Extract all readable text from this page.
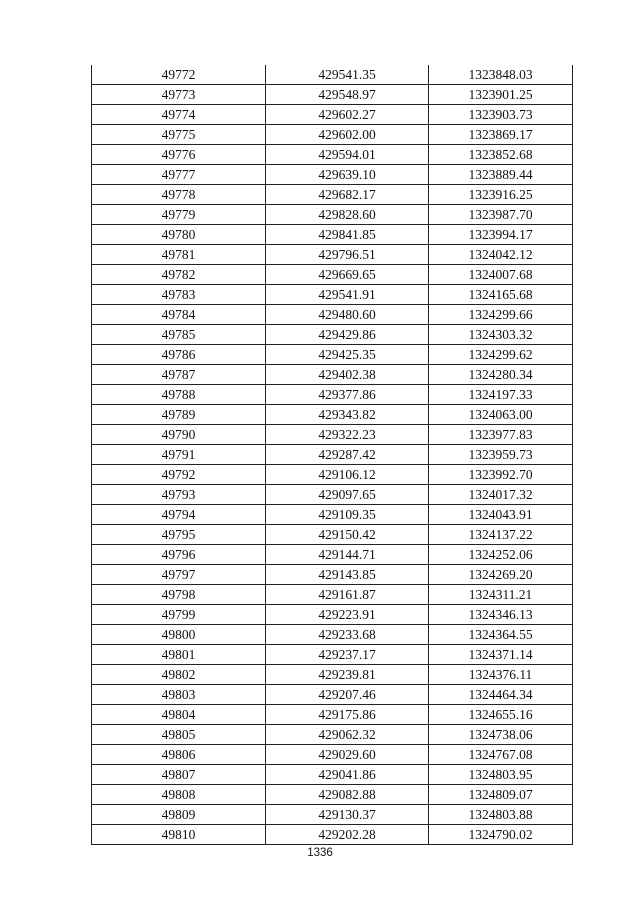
49772	429541.35	1323848.03
49773	429548.97	1323901.25
49774	429602.27	1323903.73
49775	429602.00	1323869.17
49776	429594.01	1323852.68
49777	429639.10	1323889.44
49778	429682.17	1323916.25
49779	429828.60	1323987.70
49780	429841.85	1323994.17
49781	429796.51	1324042.12
49782	429669.65	1324007.68
49783	429541.91	1324165.68
49784	429480.60	1324299.66
49785	429429.86	1324303.32
49786	429425.35	1324299.62
49787	429402.38	1324280.34
49788	429377.86	1324197.33
49789	429343.82	1324063.00
49790	429322.23	1323977.83
49791	429287.42	1323959.73
49792	429106.12	1323992.70
49793	429097.65	1324017.32
49794	429109.35	1324043.91
49795	429150.42	1324137.22
49796	429144.71	1324252.06
49797	429143.85	1324269.20
49798	429161.87	1324311.21
49799	429223.91	1324346.13
49800	429233.68	1324364.55
49801	429237.17	1324371.14
49802	429239.81	1324376.11
49803	429207.46	1324464.34
49804	429175.86	1324655.16
49805	429062.32	1324738.06
49806	429029.60	1324767.08
49807	429041.86	1324803.95
49808	429082.88	1324809.07
49809	429130.37	1324803.88
49810	429202.28	1324790.02
1336
